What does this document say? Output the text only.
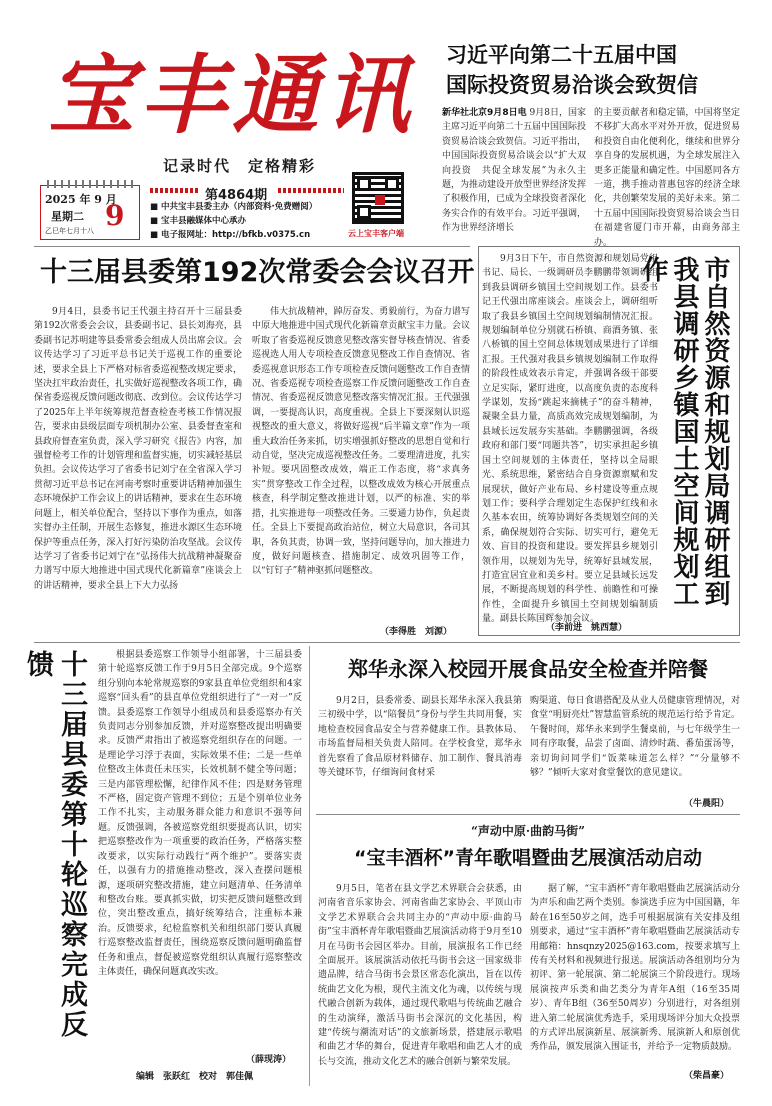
宝丰通讯
记录时代　定格精彩
2025 年 9 月
星期二 9
乙巳年七月十八
第4864期
■ 中共宝丰县委主办（内部资料·免费赠阅）
■ 宝丰县融媒体中心承办
■ 电子报网址：http://bfkb.v0375.cn	云上宝丰客户端
习近平向第二十五届中国
国际投资贸易洽谈会致贺信
新华社北京9月8日电 9月8日，国家主席习近平向第二十五届中国国际投资贸易洽谈会致贺信。习近平指出，中国国际投资贸易洽谈会以“扩大双向投资　共促全球发展”为永久主题，为推动建设开放型世界经济发挥了积极作用，已成为全球投资者深化务实合作的有效平台。习近平强调，作为世界经济增长
的主要贡献者和稳定锚，中国将坚定不移扩大高水平对外开放，促进贸易和投资自由化便利化，继续和世界分享自身的发展机遇，为全球发展注入更多正能量和确定性。中国愿同各方一道，携手推动普惠包容的经济全球化，共创繁荣发展的美好未来。第二十五届中国国际投资贸易洽谈会当日在福建省厦门市开幕，由商务部主办。
十三届县委第192次常委会会议召开
9月4日，县委书记王代强主持召开十三届县委第192次常委会会议，县委副书记、县长刘海亮，县委副书记苏明建等县委常委会组成人员出席会议。会议传达学习了习近平总书记关于巡视工作的重要论述，要求全县上下严格对标省委巡视整改规定要求，坚决扛牢政治责任，扎实做好巡视整改各项工作，确保省委巡视反馈问题改彻底、改到位。会议传达学习了2025年上半年统筹规范督查检查考核工作情况报告，要求由县级层面专项机制办公室、县委督查室和县政府督查室负责，深入学习研究《报告》内容，加强督检考工作的计划管理和监督实施，切实减轻基层负担。会议传达学习了省委书记刘宁在全省深入学习贯彻习近平总书记在河南考察时重要讲话精神加强生态环境保护工作会议上的讲话精神，要求在生态环境问题上，相关单位配合，坚持以下事作为重点，如落实督办主任制，开展生态修复，推进水源区生态环境保护等重点任务，深入打好污染防治攻坚战。会议传达学习了省委书记刘宁在“弘扬伟大抗战精神凝聚奋力谱写中原大地推进中国式现代化新篇章”座谈会上的讲话精神，要求全县上下大力弘扬
伟大抗战精神，踔厉奋发、勇毅前行，为奋力谱写中原大地推进中国式现代化新篇章贡献宝丰力量。会议听取了省委巡视反馈意见整改落实督导核查情况、省委巡视选人用人专项检查反馈意见整改工作自查情况、省委巡视意识形态工作专项检查反馈问题整改工作自查情况、省委巡视专项检查巡察工作反馈问题整改工作自查情况、省委巡视反馈意见整改落实情况汇报。王代强强调，一要提高认识，高度重视。全县上下要深刻认识巡视整改的重大意义，将做好巡视“后半篇文章”作为一项重大政治任务来抓，切实增强抓好整改的思想自觉和行动自觉，坚决完成巡视整改任务。二要理清进度，扎实补短。要巩固整改成效，端正工作态度，将“求真务实”贯穿整改工作全过程，以整改成效为核心开展重点核查，科学制定整改推进计划，以严的标准、实的举措，扎实推进每一项整改任务。三要通力协作，负起责任。全县上下要提高政治站位，树立大局意识，各司其职，各负其责，协调一致，坚持问题导向，加大推进力度，做好问题核查、措施制定、成效巩固等工作，以“钉钉子”精神驱抓问题整改。
（李得胜　刘源）
9月3日下午，市自然资源和规划局党组书记、局长、一级调研员李鹏鹏带领调研组到我县调研乡镇国土空间规划工作。县委书记王代强出席座谈会。座谈会上，调研组听取了我县乡镇国土空间规划编制情况汇报。规划编制单位分别就石桥镇、商酒务镇、张八桥镇的国土空间总体规划成果进行了详细汇报。王代强对我县乡镇规划编制工作取得的阶段性成效表示肯定，并强调各级干部要立足实际，紧盯进度，以高度负责的态度科学谋划，发扬“跳起来摘桃子”的奋斗精神，凝聚全县力量，高质高效完成规划编制，为县域长远发展夯实基础。李鹏鹏强调，各级政府和部门要“同题共答”，切实承担起乡镇国土空间规划的主体责任，坚持以全局眼光、系统思维，紧密结合自身资源禀赋和发展现状，做好产业布局、乡村建设等重点规划工作；要科学合理划定生态保护红线和永久基本农田，统筹协调好各类规划空间的关系，确保规划符合实际、切实可行，避免无效、盲目的投资和建设。要发挥县乡规划引领作用，以规划为先导，统筹好县域发展，打造宜居宜业和美乡村。要立足县域长远发展，不断提高规划的科学性、前瞻性和可操作性，全面提升乡镇国土空间规划编制质量。副县长陈国辉参加会议。
（李前进　姚西慧）
市自然资源和规划局调研组到我县调研乡镇国土空间规划工作
十三届县委第十轮巡察完成反馈	根据县委巡察工作领导小组部署，十三届县委第十轮巡察反馈工作于9月5日全部完成。9个巡察组分别向本轮常规巡察的9家县直单位党组织和4家巡察“回头看”的县直单位党组织进行了“一对一”反馈。县委巡察工作领导小组成员和县委巡察办有关负责同志分别参加反馈，并对巡察整改提出明确要求。反馈严肃指出了被巡察党组织存在的问题。一是理论学习浮于表面，实际效果不佳；二是一些单位整改主体责任未压实，长效机制不健全等问题；三是内部管理松懈，纪律作风不佳；四是财务管理不严格，固定资产管理不到位；五是个别单位业务工作不扎实，主动服务群众能力和意识不强等问题。反馈强调，各被巡察党组织要提高认识，切实把巡察整改作为一项重要的政治任务，严格落实整改要求，以实际行动践行“两个维护”。要落实责任，以强有力的措施推动整改，深入查摆问题根源，逐项研究整改措施，建立问题清单、任务清单和整改台账。要真抓实做，切实把反馈问题整改到位，突出整改重点，搞好统筹结合，注重标本兼治。反馈要求，纪检监察机关和组织部门要认真履行巡察整改监督责任，围绕巡察反馈问题明确监督任务和重点，督促被巡察党组织认真履行巡察整改主体责任，确保问题真改实改。
（薛现涛）
编辑　张跃红　校对　郭佳佩
郑华永深入校园开展食品安全检查并陪餐
9月2日，县委常委、副县长郑华永深入我县第三初级中学，以“陪餐员”身份与学生共同用餐，实地检查校园食品安全与营养健康工作。县教体局、市场监督局相关负责人陪同。在学校食堂，郑华永首先察看了食品原材料储存、加工制作、餐具消毒等关键环节，仔细询问食材采
购渠道、每日食谱搭配及从业人员健康管理情况，对食堂“明厨亮灶”智慧监管系统的规范运行给予肯定。午餐时间，郑华永来到学生餐桌前，与七年级学生一同有序取餐，品尝了卤面、清炒时蔬、番茄蛋汤等，亲切询问同学们“饭菜味道怎么样？”“分量够不够？”倾听大家对食堂餐饮的意见建议。
（牛晨阳）
“声动中原·曲韵马街”
“宝丰酒杯”青年歌唱暨曲艺展演活动启动
9月5日，笔者在县文学艺术界联合会获悉，由河南省音乐家协会、河南省曲艺家协会、平顶山市文学艺术界联合会共同主办的“声动中原·曲韵马街”宝丰酒杯青年歌唱暨曲艺展演活动将于9月至10月在马街书会园区举办。目前，展演报名工作已经全面展开。该展演活动依托马街书会这一国家级非遗品牌，结合马街书会景区常态化演出，旨在以传统曲艺文化为根，现代主流文化为魂，以传统与现代融合创新为载体，通过现代歌唱与传统曲艺融合的生动演绎，激活马街书会深沉的文化基因，构建“传统与潮流对话”的文旅新场景，搭建展示歌唱和曲艺才华的舞台，促进青年歌唱和曲艺人才的成长与交流，推动文化艺术的融合创新与繁荣发展。
据了解，“宝丰酒杯”青年歌唱暨曲艺展演活动分为声乐和曲艺两个类别。参演选手应为中国国籍，年龄在16至50岁之间，选手可根据展演有关安排及组别要求，通过“宝丰酒杯”青年歌唱暨曲艺展演活动专用邮箱：hnsqnzy2025@163.com，按要求填写上传有关材料和视频进行报送。展演活动各组别均分为初评、第一轮展演、第二轮展演三个阶段进行。现场展演按声乐类和曲艺类分为青年A组（16至35周岁）、青年B组（36至50周岁）分别进行，对各组别进入第二轮展演优秀选手，采用现场评分加大众投票的方式评出展演新星、展演新秀、展演新人和原创优秀作品，颁发展演入围证书，并给予一定物质鼓励。
（柴昌豪）
